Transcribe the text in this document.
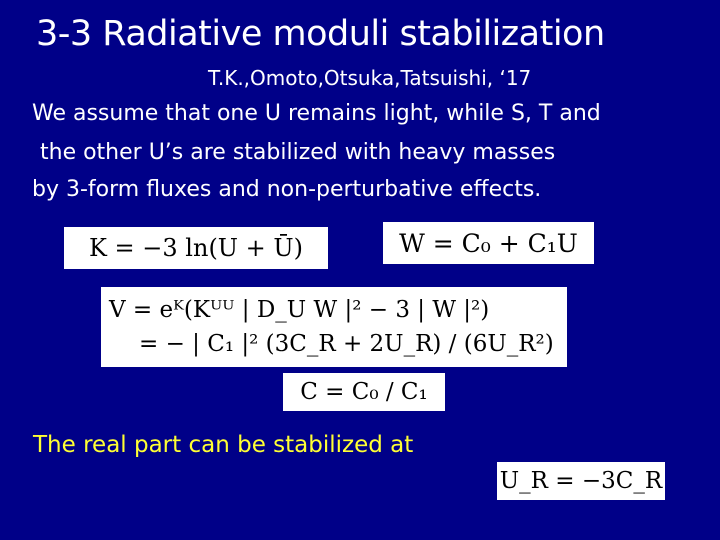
3-3 Radiative moduli stabilization
T.K.,Omoto,Otsuka,Tatsuishi, ‘17
We assume that one U remains light, while S, T and
the other U’s are stabilized with heavy masses
by 3-form fluxes and non-perturbative effects.
K = −3 ln(U + Ū)	W = C₀ + C₁U
V = eᴷ(Kᵁᵁ | D_U W |² − 3 | W |²)
= − | C₁ |² (3C_R + 2U_R) / (6U_R²)
C = C₀ / C₁
The real part can be stabilized at
U_R = −3C_R
